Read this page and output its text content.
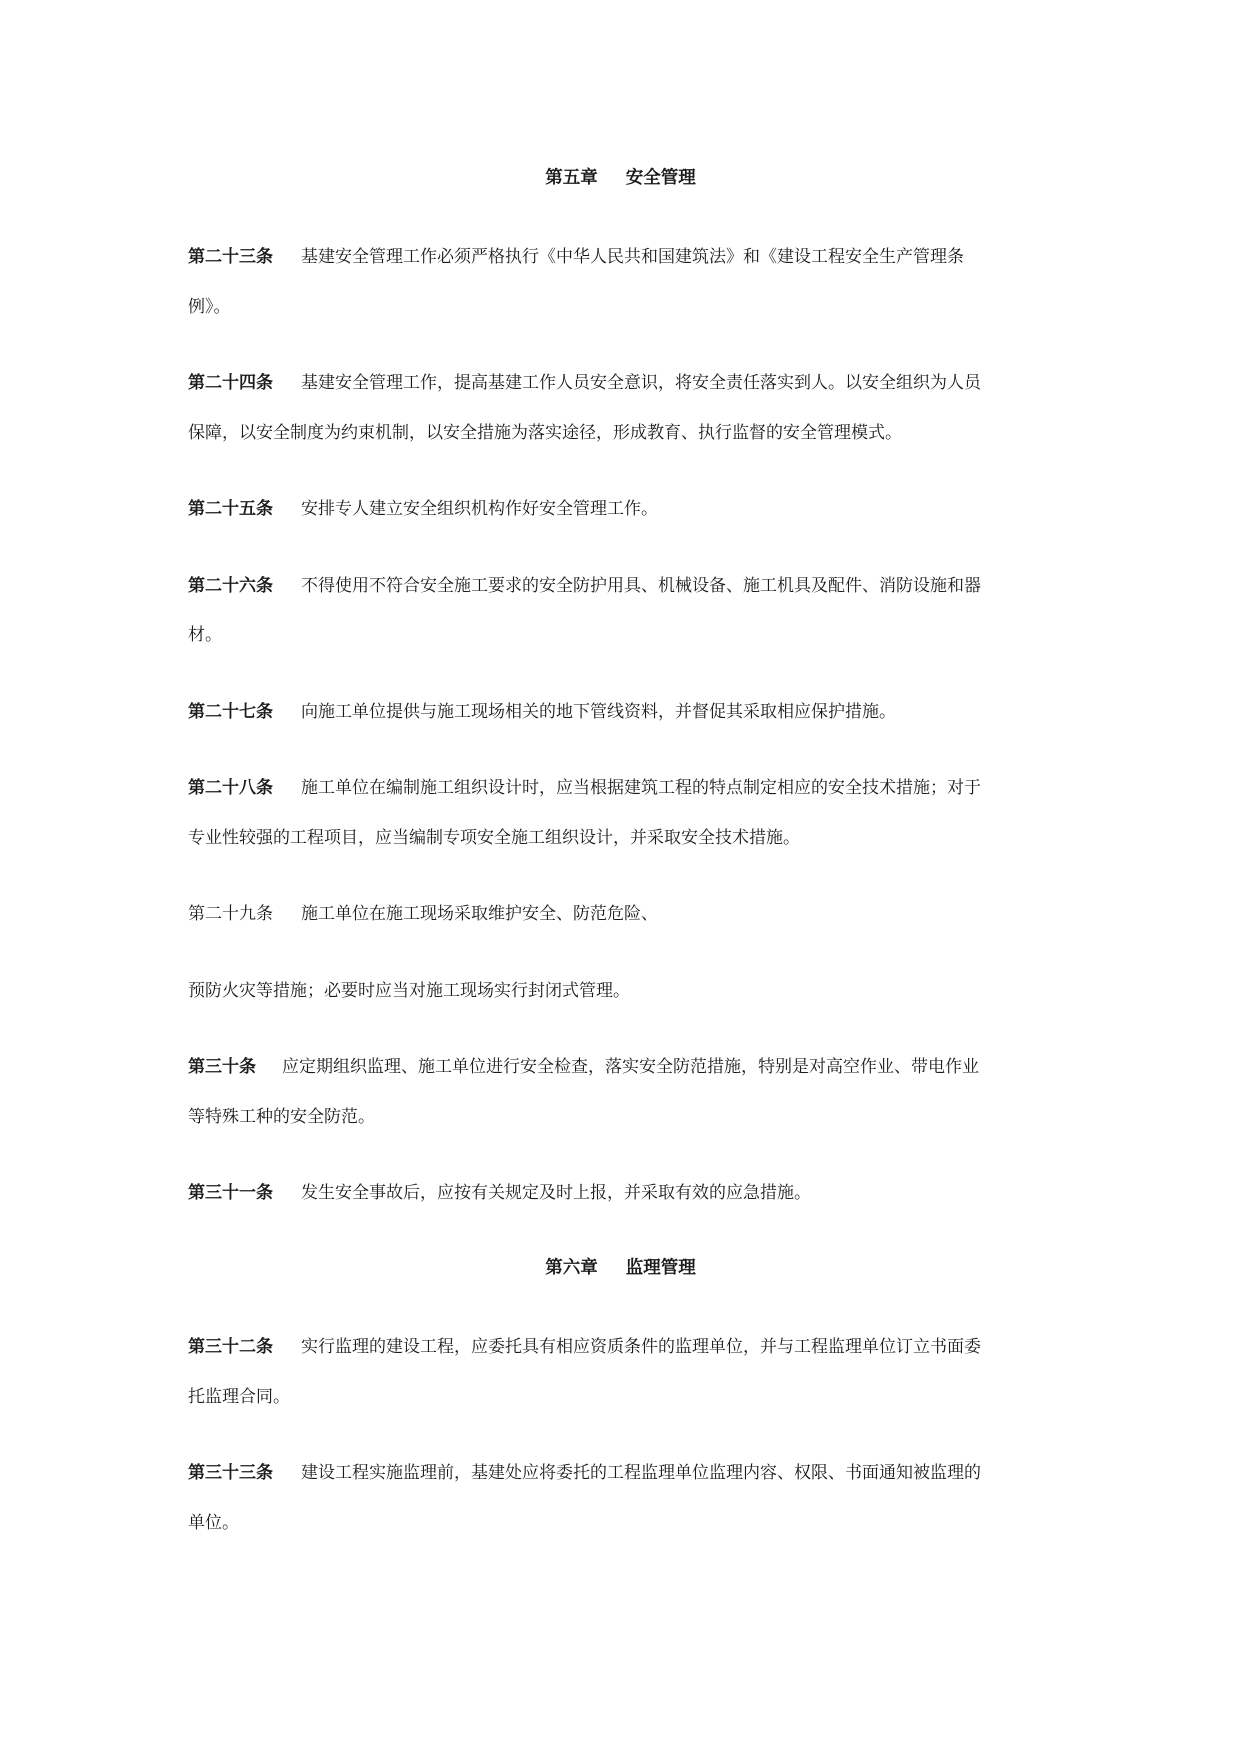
第五章 安全管理
第二十三条 基建安全管理工作必须严格执行《中华人民共和国建筑法》和《建设工程安全生产管理条
例》。
第二十四条 基建安全管理工作，提高基建工作人员安全意识，将安全责任落实到人。以安全组织为人员
保障，以安全制度为约束机制，以安全措施为落实途径，形成教育、执行监督的安全管理模式。
第二十五条 安排专人建立安全组织机构作好安全管理工作。
第二十六条 不得使用不符合安全施工要求的安全防护用具、机械设备、施工机具及配件、消防设施和器
材。
第二十七条 向施工单位提供与施工现场相关的地下管线资料，并督促其采取相应保护措施。
第二十八条 施工单位在编制施工组织设计时，应当根据建筑工程的特点制定相应的安全技术措施；对于
专业性较强的工程项目，应当编制专项安全施工组织设计，并采取安全技术措施。
第二十九条 施工单位在施工现场采取维护安全、防范危险、
预防火灾等措施；必要时应当对施工现场实行封闭式管理。
第三十条 应定期组织监理、施工单位进行安全检查，落实安全防范措施，特别是对高空作业、带电作业
等特殊工种的安全防范。
第三十一条 发生安全事故后，应按有关规定及时上报，并采取有效的应急措施。
第六章 监理管理
第三十二条 实行监理的建设工程，应委托具有相应资质条件的监理单位，并与工程监理单位订立书面委
托监理合同。
第三十三条 建设工程实施监理前，基建处应将委托的工程监理单位监理内容、权限、书面通知被监理的
单位。
